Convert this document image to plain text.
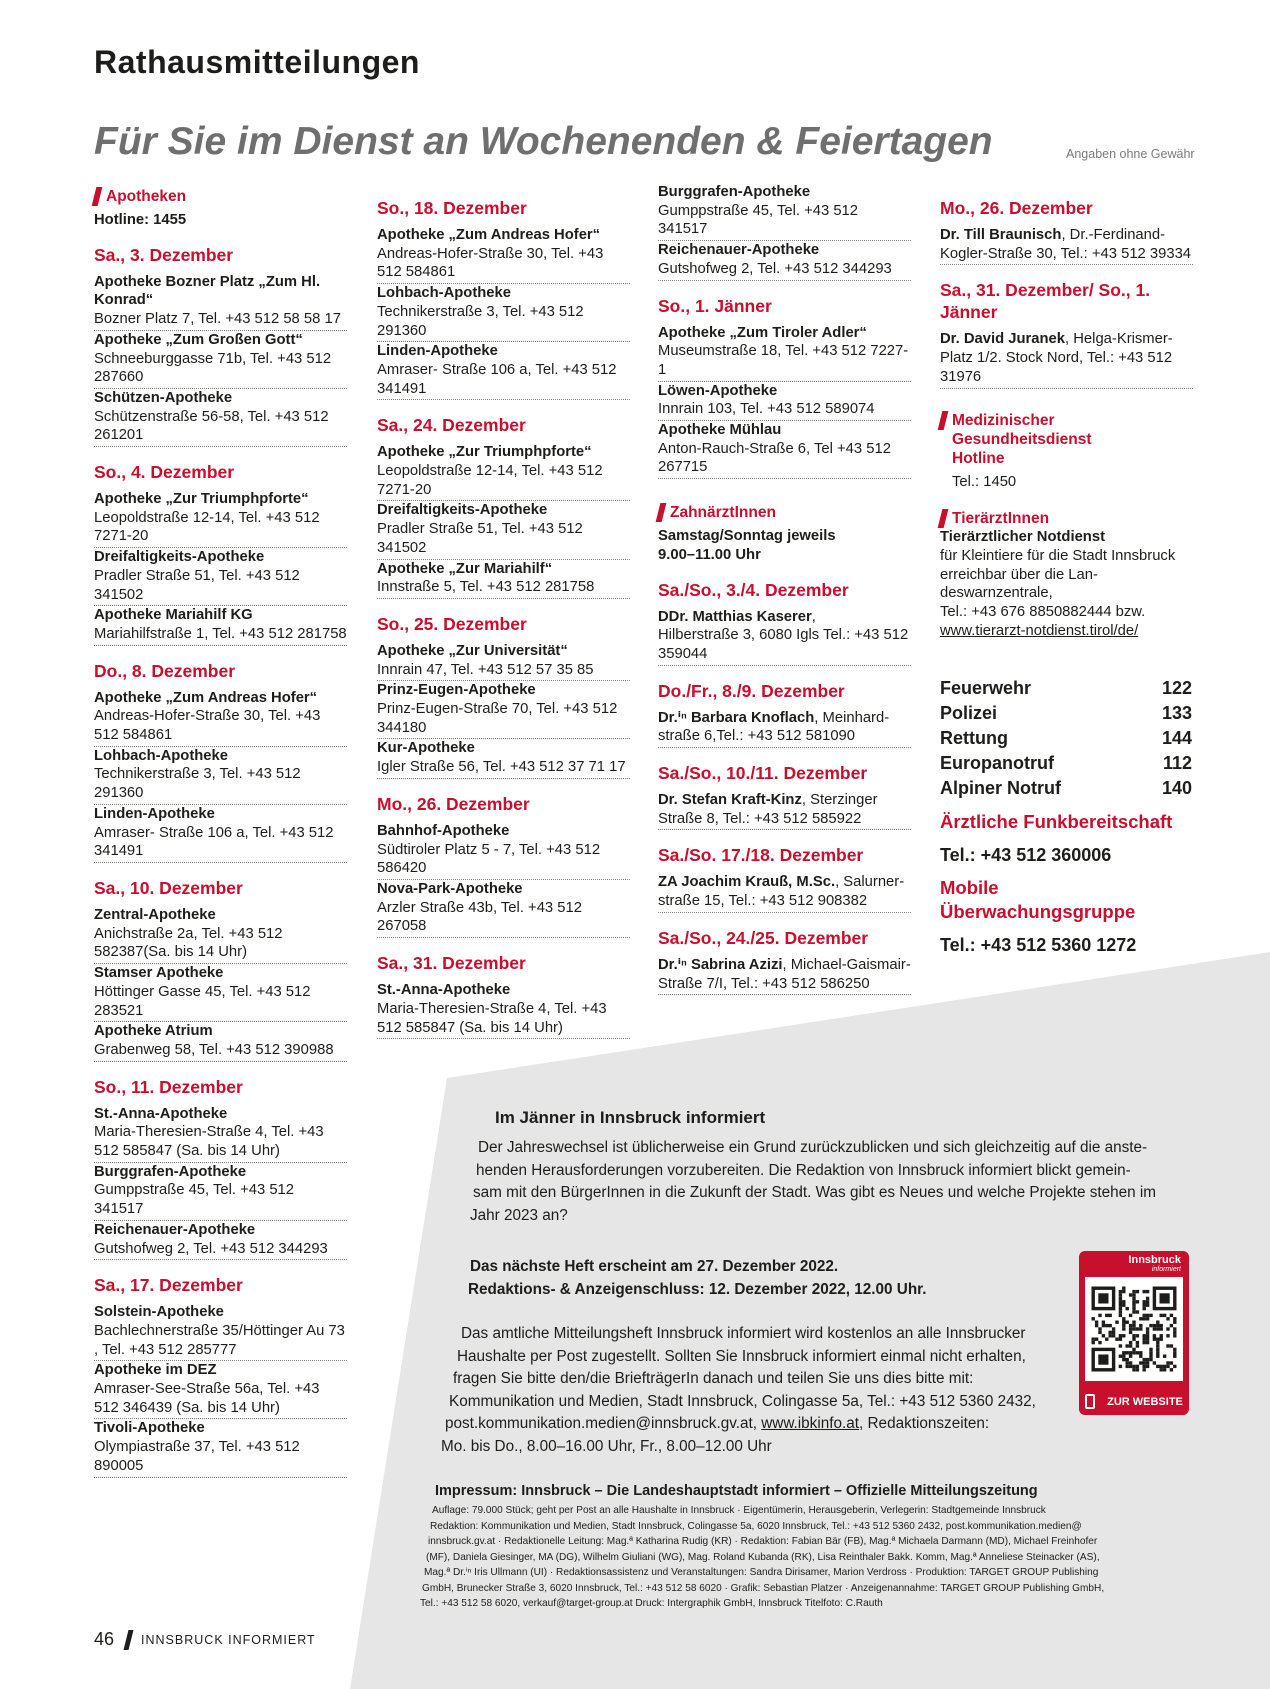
Rathausmitteilungen
Für Sie im Dienst an Wochenenden & Feiertagen	Angaben ohne Gewähr
Apotheken
Hotline: 1455
Sa., 3. Dezember
Apotheke Bozner Platz „Zum Hl. Konrad“
Bozner Platz 7, Tel. +43 512 58 58 17
Apotheke „Zum Großen Gott“
Schneeburggasse 71b, Tel. +43 512 287660
Schützen-Apotheke
Schützenstraße 56-58, Tel. +43 512 261201
So., 4. Dezember
Apotheke „Zur Triumphpforte“
Leopoldstraße 12-14, Tel. +43 512 7271-20
Dreifaltigkeits-Apotheke
Pradler Straße 51, Tel. +43 512 341502
Apotheke Mariahilf KG
Mariahilfstraße 1, Tel. +43 512 281758
Do., 8. Dezember
Apotheke „Zum Andreas Hofer“
Andreas-Hofer-Straße 30, Tel. +43 512 584861
Lohbach-Apotheke
Technikerstraße 3, Tel. +43 512 291360
Linden-Apotheke
Amraser- Straße 106 a, Tel. +43 512 341491
Sa., 10. Dezember
Zentral-Apotheke
Anichstraße 2a, Tel. +43 512 582387(Sa. bis 14 Uhr)
Stamser Apotheke
Höttinger Gasse 45, Tel. +43 512 283521
Apotheke Atrium
Grabenweg 58, Tel. +43 512 390988
So., 11. Dezember
St.-Anna-Apotheke
Maria-Theresien-Straße 4, Tel. +43 512 585847 (Sa. bis 14 Uhr)
Burggrafen-Apotheke
Gumppstraße 45, Tel. +43 512 341517
Reichenauer-Apotheke
Gutshofweg 2, Tel. +43 512 344293
Sa., 17. Dezember
Solstein-Apotheke
Bachlechnerstraße 35/Höttinger Au 73 , Tel. +43 512 285777
Apotheke im DEZ
Amraser-See-Straße 56a, Tel. +43 512 346439 (Sa. bis 14 Uhr)
Tivoli-Apotheke
Olympiastraße 37, Tel. +43 512 890005
So., 18. Dezember
Apotheke „Zum Andreas Hofer“
Andreas-Hofer-Straße 30, Tel. +43 512 584861
Lohbach-Apotheke
Technikerstraße 3, Tel. +43 512 291360
Linden-Apotheke
Amraser- Straße 106 a, Tel. +43 512 341491
Sa., 24. Dezember
Apotheke „Zur Triumphpforte“
Leopoldstraße 12-14, Tel. +43 512 7271-20
Dreifaltigkeits-Apotheke
Pradler Straße 51, Tel. +43 512 341502
Apotheke „Zur Mariahilf“
Innstraße 5, Tel. +43 512 281758
So., 25. Dezember
Apotheke „Zur Universität“
Innrain 47, Tel. +43 512 57 35 85
Prinz-Eugen-Apotheke
Prinz-Eugen-Straße 70, Tel. +43 512 344180
Kur-Apotheke
Igler Straße 56, Tel. +43 512 37 71 17
Mo., 26. Dezember
Bahnhof-Apotheke
Südtiroler Platz 5 - 7, Tel. +43 512 586420
Nova-Park-Apotheke
Arzler Straße 43b, Tel. +43 512 267058
Sa., 31. Dezember
St.-Anna-Apotheke
Maria-Theresien-Straße 4, Tel. +43 512 585847 (Sa. bis 14 Uhr)
Burggrafen-Apotheke
Gumppstraße 45, Tel. +43 512 341517
Reichenauer-Apotheke
Gutshofweg 2, Tel. +43 512 344293
So., 1. Jänner
Apotheke „Zum Tiroler Adler“
Museumstraße 18, Tel. +43 512 7227-1
Löwen-Apotheke
Innrain 103, Tel. +43 512 589074
Apotheke Mühlau
Anton-Rauch-Straße 6, Tel +43 512 267715
ZahnärztInnen
Samstag/Sonntag jeweils
9.00–11.00 Uhr
Sa./So., 3./4. Dezember
DDr. Matthias Kaserer,
Hilberstraße 3, 6080 Igls Tel.: +43 512 359044
Do./Fr., 8./9. Dezember
Dr.ⁱⁿ Barbara Knoflach, Meinhard-
straße 6,Tel.: +43 512 581090
Sa./So., 10./11. Dezember
Dr. Stefan Kraft-Kinz, Sterzinger
Straße 8, Tel.: +43 512 585922
Sa./So. 17./18. Dezember
ZA Joachim Krauß, M.Sc., Salurner-
straße 15, Tel.: +43 512 908382
Sa./So., 24./25. Dezember
Dr.ⁱⁿ Sabrina Azizi, Michael-Gaismair-
Straße 7/I, Tel.: +43 512 586250
Mo., 26. Dezember
Dr. Till Braunisch, Dr.-Ferdinand-Kogler-Straße 30, Tel.: +43 512 39334
Sa., 31. Dezember/ So., 1. Jänner
Dr. David Juranek, Helga-Krismer-Platz 1/2. Stock Nord, Tel.: +43 512 31976
Medizinischer
Gesundheitsdienst
Hotline
Tel.: 1450
TierärztInnen
Tierärztlicher Notdienst
für Kleintiere für die Stadt Innsbruck erreichbar über die Lan-deswarnzentrale,
Tel.: +43 676 8850882444 bzw.
www.tierarzt-notdienst.tirol/de/
Feuerwehr	122
Polizei	133
Rettung	144
Europanotruf	112
Alpiner Notruf	140
Ärztliche Funkbereitschaft
Tel.: +43 512 360006
Mobile Überwachungsgruppe
Tel.: +43 512 5360 1272
Im Jänner in Innsbruck informiert
Der Jahreswechsel ist üblicherweise ein Grund zurückzublicken und sich gleichzeitig auf die anste-
henden Herausforderungen vorzubereiten. Die Redaktion von Innsbruck informiert blickt gemein-
sam mit den BürgerInnen in die Zukunft der Stadt. Was gibt es Neues und welche Projekte stehen im
Jahr 2023 an?
Das nächste Heft erscheint am 27. Dezember 2022.
Redaktions- & Anzeigenschluss: 12. Dezember 2022, 12.00 Uhr.
Das amtliche Mitteilungsheft Innsbruck informiert wird kostenlos an alle Innsbrucker
Haushalte per Post zugestellt. Sollten Sie Innsbruck informiert einmal nicht erhalten,
fragen Sie bitte den/die BriefträgerIn danach und teilen Sie uns dies bitte mit:
Kommunikation und Medien, Stadt Innsbruck, Colingasse 5a, Tel.: +43 512 5360 2432,
post.kommunikation.medien@innsbruck.gv.at, www.ibkinfo.at, Redaktionszeiten:
Mo. bis Do., 8.00–16.00 Uhr, Fr., 8.00–12.00 Uhr
Innsbruck
informiert
ZUR WEBSITE
Impressum: Innsbruck – Die Landeshauptstadt informiert – Offizielle Mitteilungszeitung
Auflage: 79.000 Stück; geht per Post an alle Haushalte in Innsbruck · Eigentümerin, Herausgeberin, Verlegerin: Stadtgemeinde Innsbruck
Redaktion: Kommunikation und Medien, Stadt Innsbruck, Colingasse 5a, 6020 Innsbruck, Tel.: +43 512 5360 2432, post.kommunikation.medien@
innsbruck.gv.at · Redaktionelle Leitung: Mag.ª Katharina Rudig (KR) · Redaktion: Fabian Bär (FB), Mag.ª Michaela Darmann (MD), Michael Freinhofer
(MF), Daniela Giesinger, MA (DG), Wilhelm Giuliani (WG), Mag. Roland Kubanda (RK), Lisa Reinthaler Bakk. Komm, Mag.ª Anneliese Steinacker (AS),
Mag.ª Dr.ⁱⁿ Iris Ullmann (UI) · Redaktionsassistenz und Veranstaltungen: Sandra Dirisamer, Marion Verdross · Produktion: TARGET GROUP Publishing
GmbH, Brunecker Straße 3, 6020 Innsbruck, Tel.: +43 512 58 6020 · Grafik: Sebastian Platzer · Anzeigenannahme: TARGET GROUP Publishing GmbH,
Tel.: +43 512 58 6020, verkauf@target-group.at Druck: Intergraphik GmbH, Innsbruck Titelfoto: C.Rauth
46 INNSBRUCK INFORMIERT
